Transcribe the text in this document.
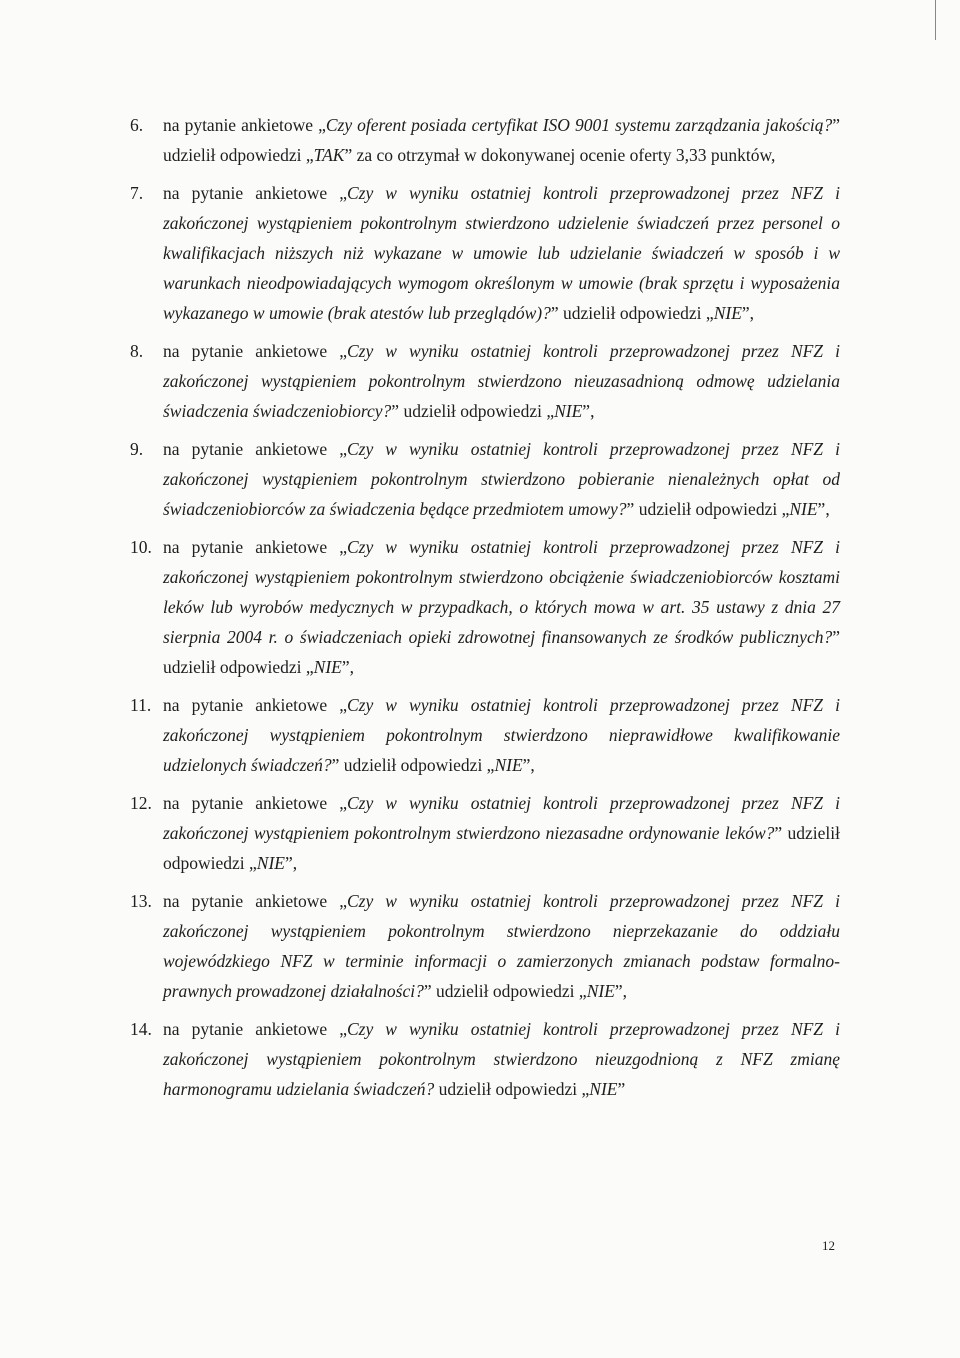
6.	na pytanie ankietowe „Czy oferent posiada certyfikat ISO 9001 systemu zarządzania jakością?” udzielił odpowiedzi „TAK” za co otrzymał w dokonywanej ocenie oferty 3,33 punktów,
7.	na pytanie ankietowe „Czy w wyniku ostatniej kontroli przeprowadzonej przez NFZ i zakończonej wystąpieniem pokontrolnym stwierdzono udzielenie świadczeń przez personel o kwalifikacjach niższych niż wykazane w umowie lub udzielanie świadczeń w sposób i w warunkach nieodpowiadających wymogom określonym w umowie (brak sprzętu i wyposażenia wykazanego w umowie (brak atestów lub przeglądów)?” udzielił odpowiedzi „NIE”,
8.	na pytanie ankietowe „Czy w wyniku ostatniej kontroli przeprowadzonej przez NFZ i zakończonej wystąpieniem pokontrolnym stwierdzono nieuzasadnioną odmowę udzielania świadczenia świadczeniobiorcy?” udzielił odpowiedzi „NIE”,
9.	na pytanie ankietowe „Czy w wyniku ostatniej kontroli przeprowadzonej przez NFZ i zakończonej wystąpieniem pokontrolnym stwierdzono pobieranie nienależnych opłat od świadczeniobiorców za świadczenia będące przedmiotem umowy?” udzielił odpowiedzi „NIE”,
10. na pytanie ankietowe „Czy w wyniku ostatniej kontroli przeprowadzonej przez NFZ i zakończonej wystąpieniem pokontrolnym stwierdzono obciążenie świadczeniobiorców kosztami leków lub wyrobów medycznych w przypadkach, o których mowa w art. 35 ustawy z dnia 27 sierpnia 2004 r. o świadczeniach opieki zdrowotnej finansowanych ze środków publicznych?” udzielił odpowiedzi „NIE”,
11. na pytanie ankietowe „Czy w wyniku ostatniej kontroli przeprowadzonej przez NFZ i zakończonej wystąpieniem pokontrolnym stwierdzono nieprawidłowe kwalifikowanie udzielonych świadczeń?” udzielił odpowiedzi „NIE”,
12. na pytanie ankietowe „Czy w wyniku ostatniej kontroli przeprowadzonej przez NFZ i zakończonej wystąpieniem pokontrolnym stwierdzono niezasadne ordynowanie leków?” udzielił odpowiedzi „NIE”,
13. na pytanie ankietowe „Czy w wyniku ostatniej kontroli przeprowadzonej przez NFZ i zakończonej wystąpieniem pokontrolnym stwierdzono nieprzekazanie do oddziału wojewódzkiego NFZ w terminie informacji o zamierzonych zmianach podstaw formalno-prawnych prowadzonej działalności?” udzielił odpowiedzi „NIE”,
14. na pytanie ankietowe „Czy w wyniku ostatniej kontroli przeprowadzonej przez NFZ i zakończonej wystąpieniem pokontrolnym stwierdzono nieuzgodnioną z NFZ zmianę harmonogramu udzielania świadczeń? udzielił odpowiedzi „NIE”
12
